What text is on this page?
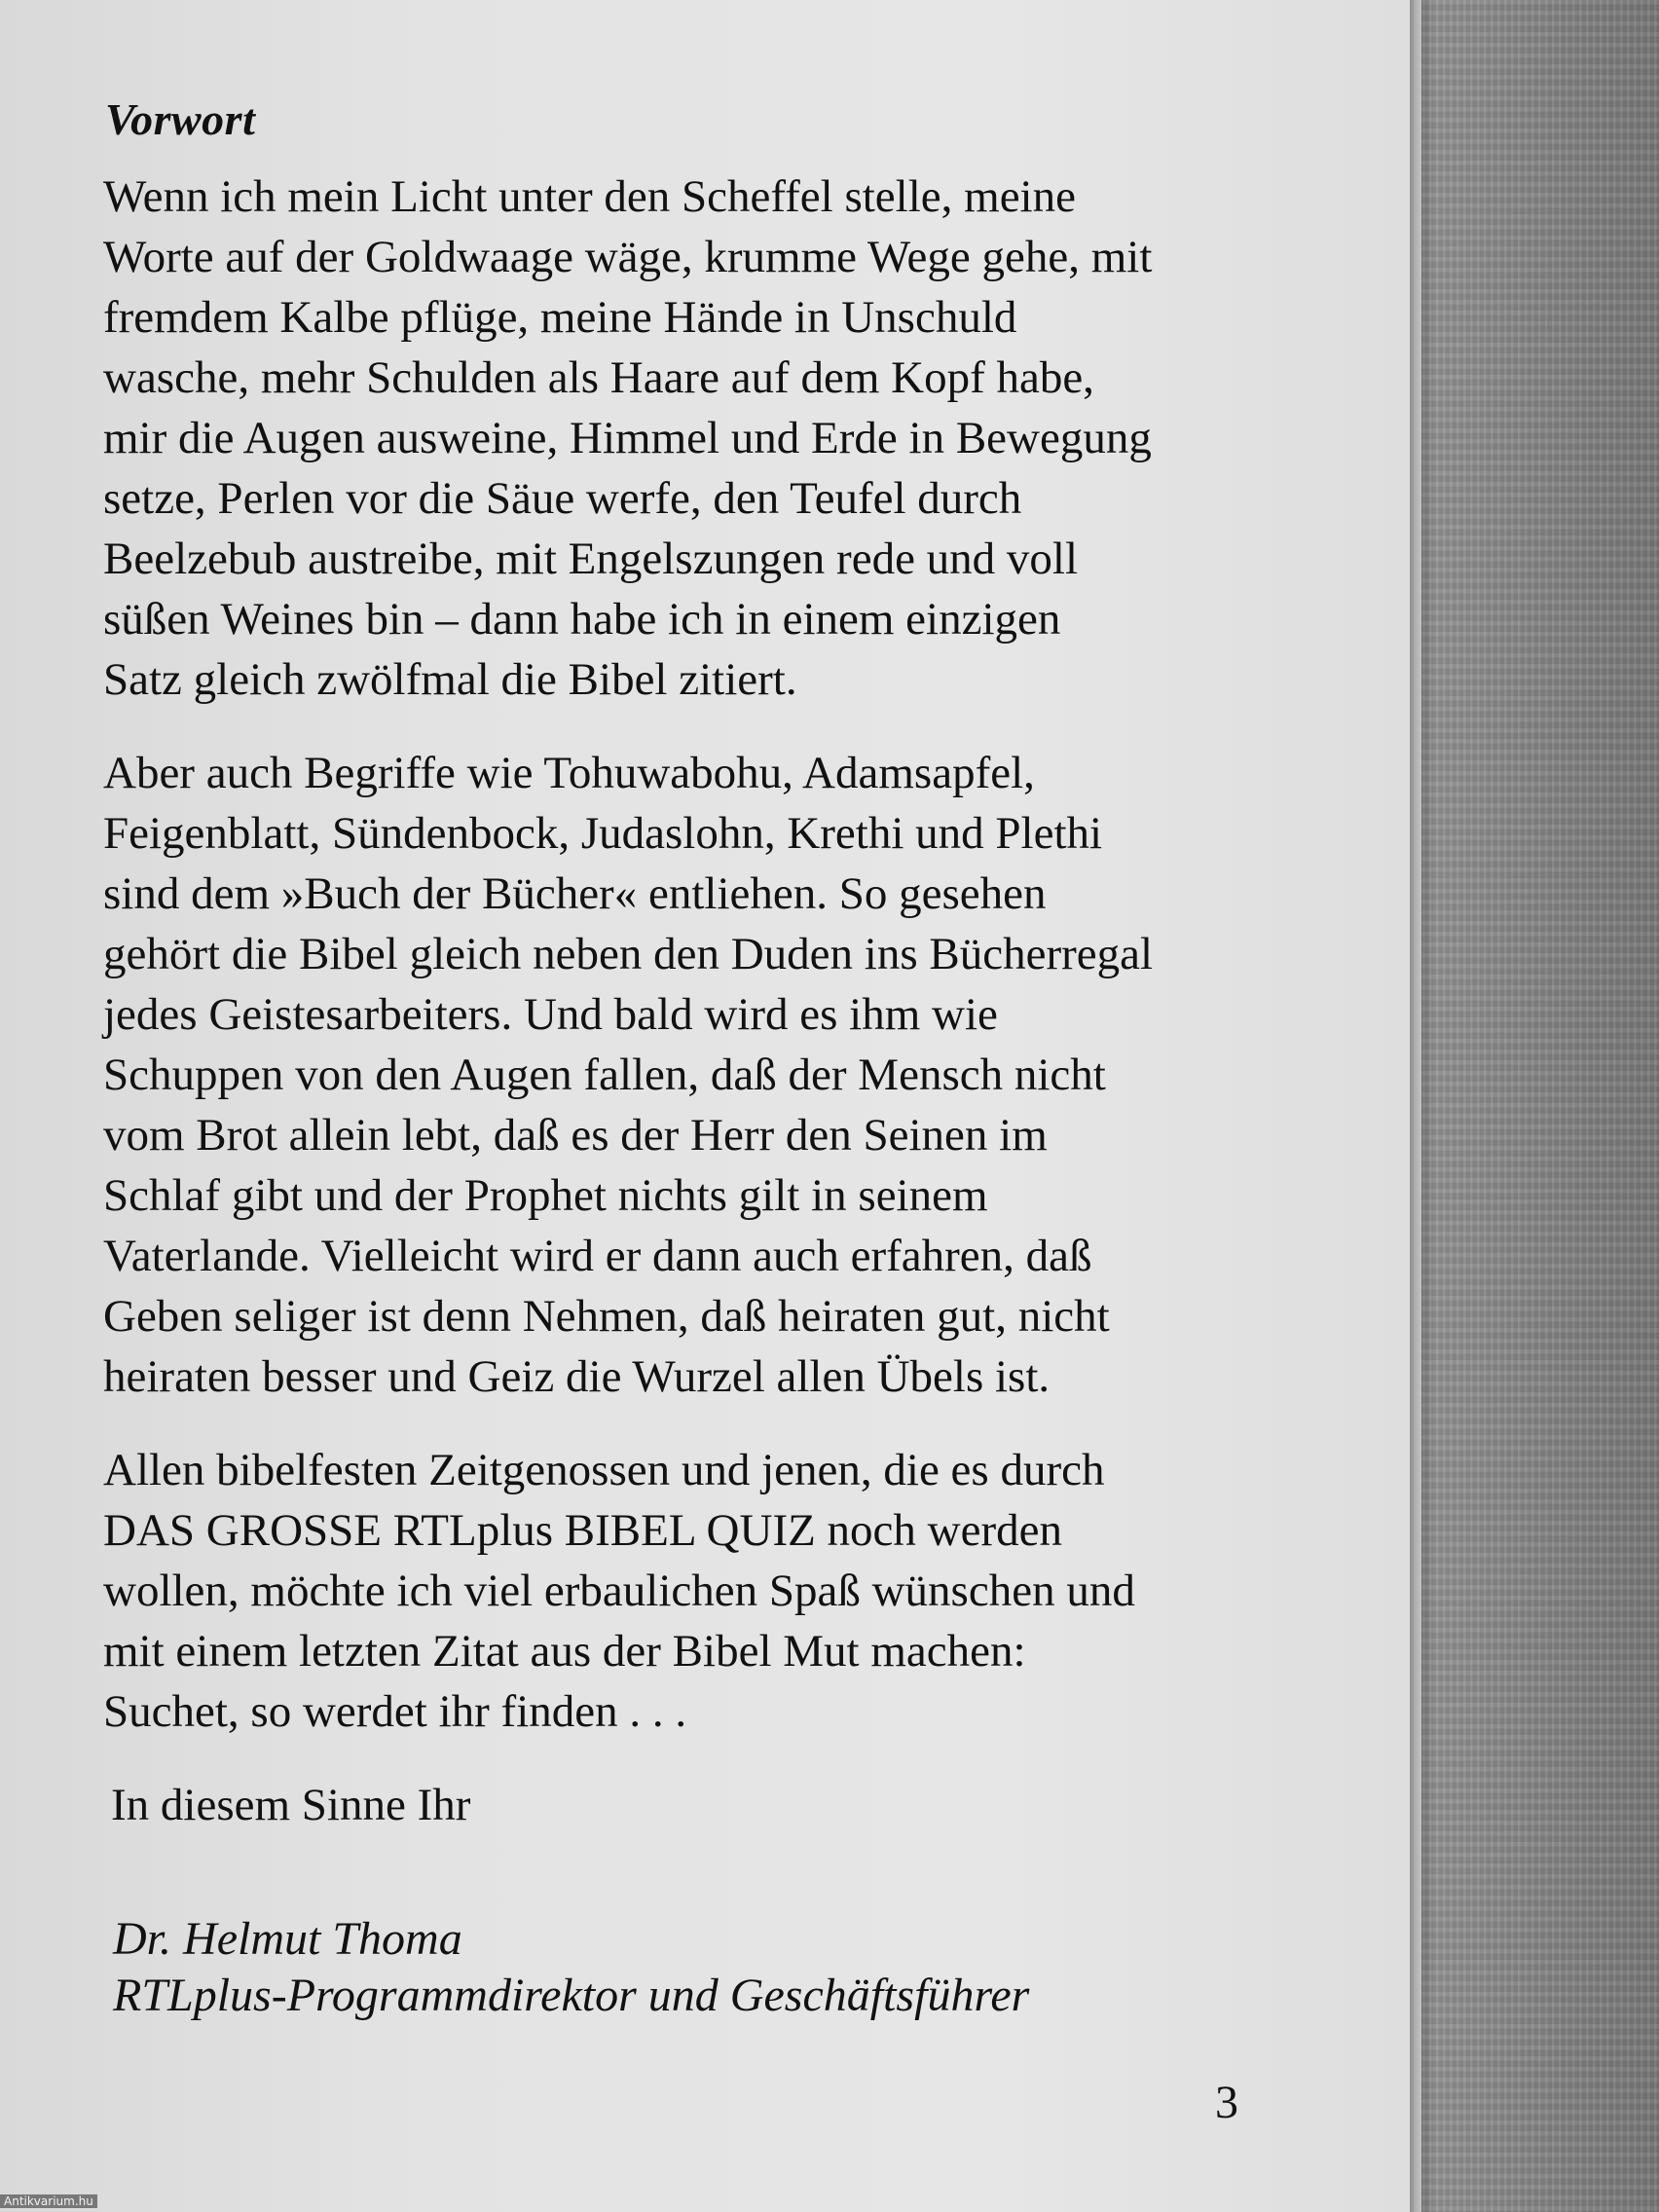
Vorwort
Wenn ich mein Licht unter den Scheffel stelle, meine
Worte auf der Goldwaage wäge, krumme Wege gehe, mit
fremdem Kalbe pflüge, meine Hände in Unschuld
wasche, mehr Schulden als Haare auf dem Kopf habe,
mir die Augen ausweine, Himmel und Erde in Bewegung
setze, Perlen vor die Säue werfe, den Teufel durch
Beelzebub austreibe, mit Engelszungen rede und voll
süßen Weines bin – dann habe ich in einem einzigen
Satz gleich zwölfmal die Bibel zitiert.
Aber auch Begriffe wie Tohuwabohu, Adamsapfel,
Feigenblatt, Sündenbock, Judaslohn, Krethi und Plethi
sind dem »Buch der Bücher« entliehen. So gesehen
gehört die Bibel gleich neben den Duden ins Bücherregal
jedes Geistesarbeiters. Und bald wird es ihm wie
Schuppen von den Augen fallen, daß der Mensch nicht
vom Brot allein lebt, daß es der Herr den Seinen im
Schlaf gibt und der Prophet nichts gilt in seinem
Vaterlande. Vielleicht wird er dann auch erfahren, daß
Geben seliger ist denn Nehmen, daß heiraten gut, nicht
heiraten besser und Geiz die Wurzel allen Übels ist.
Allen bibelfesten Zeitgenossen und jenen, die es durch
DAS GROSSE RTLplus BIBEL QUIZ noch werden
wollen, möchte ich viel erbaulichen Spaß wünschen und
mit einem letzten Zitat aus der Bibel Mut machen:
Suchet, so werdet ihr finden . . .
In diesem Sinne Ihr
Dr. Helmut Thoma
RTLplus-Programmdirektor und Geschäftsführer
3
Antikvarium.hu
